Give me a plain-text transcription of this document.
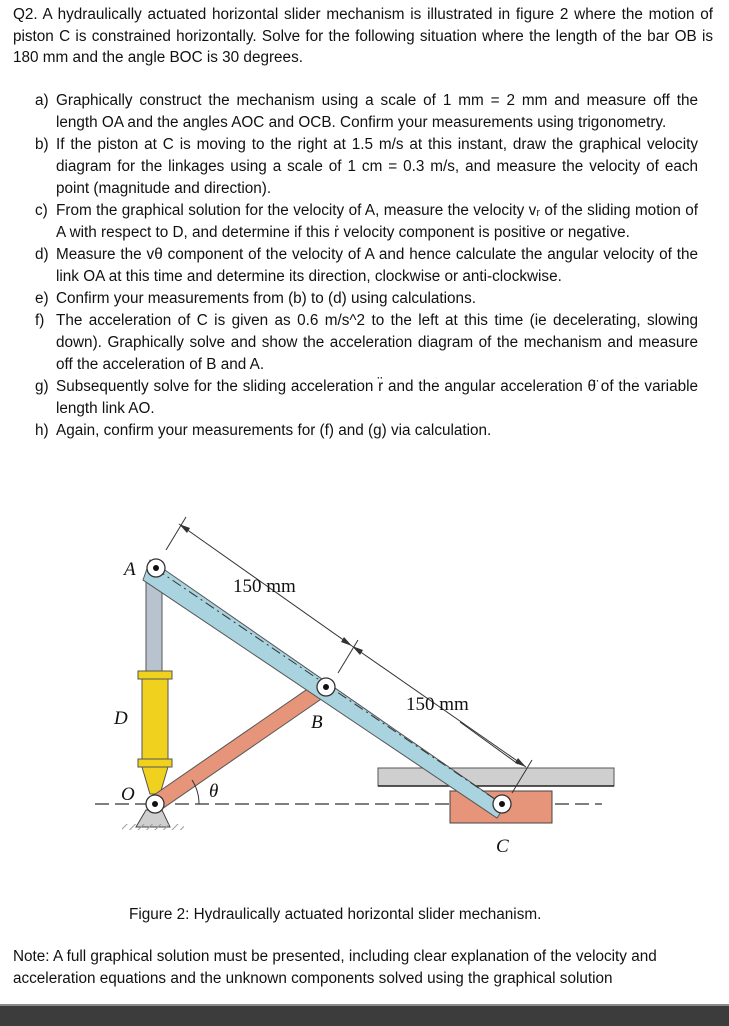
Q2. A hydraulically actuated horizontal slider mechanism is illustrated in figure 2 where the motion of piston C is constrained horizontally. Solve for the following situation where the length of the bar OB is 180 mm and the angle BOC is 30 degrees.
a) Graphically construct the mechanism using a scale of 1 mm = 2 mm and measure off the length OA and the angles AOC and OCB. Confirm your measurements using trigonometry.
b) If the piston at C is moving to the right at 1.5 m/s at this instant, draw the graphical velocity diagram for the linkages using a scale of 1 cm = 0.3 m/s, and measure the velocity of each point (magnitude and direction).
c) From the graphical solution for the velocity of A, measure the velocity vᵣ of the sliding motion of A with respect to D, and determine if this ṙ velocity component is positive or negative.
d) Measure the vθ component of the velocity of A and hence calculate the angular velocity of the link OA at this time and determine its direction, clockwise or anti-clockwise.
e) Confirm your measurements from (b) to (d) using calculations.
f) The acceleration of C is given as 0.6 m/s^2 to the left at this time (ie decelerating, slowing down). Graphically solve and show the acceleration diagram of the mechanism and measure off the acceleration of B and A.
g) Subsequently solve for the sliding acceleration r̈ and the angular acceleration θ̈ of the variable length link AO.
h) Again, confirm your measurements for (f) and (g) via calculation.
A
150 mm
150 mm
B
D
O	θ
C
Figure 2: Hydraulically actuated horizontal slider mechanism.
Note: A full graphical solution must be presented, including clear explanation of the velocity and acceleration equations and the unknown components solved using the graphical solution
